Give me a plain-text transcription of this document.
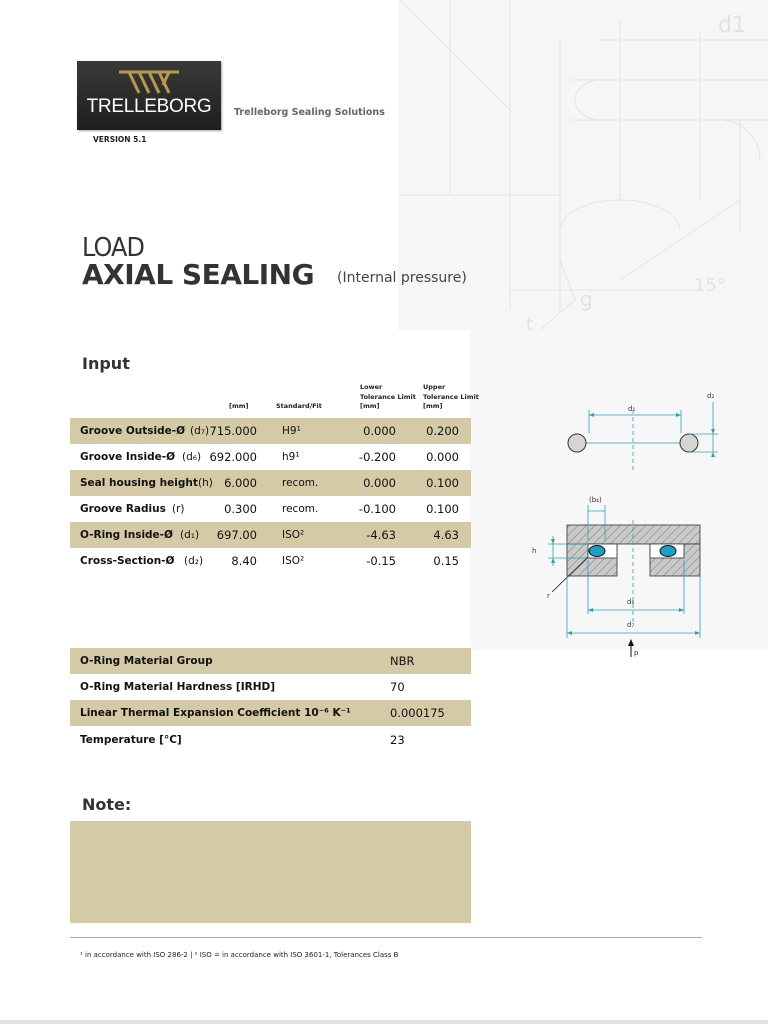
d1
15°
g
t
TRELLEBORG	Trelleborg Sealing Solutions
VERSION 5.1
LOAD
AXIAL SEALING (Internal pressure)
Input
[mm]	Standard/Fit
Lower
Tolerance Limit
[mm]
Upper
Tolerance Limit
[mm]
Groove Outside-Ø (d₇) 715.000 H9¹	0.000	0.200
Groove Inside-Ø (d₆) 692.000 h9¹	-0.200	0.000
Seal housing height (h) 6.000 recom.	0.000	0.100
Groove Radius (r)	0.300 recom.	-0.100	0.100
O-Ring Inside-Ø (d₁) 697.00 ISO²	-4.63	4.63
Cross-Section-Ø (d₂) 8.40 ISO²	-0.15	0.15
O-Ring Material Group	NBR
O-Ring Material Hardness [IRHD]	70
Linear Thermal Expansion Coefficient 10⁻⁶ K⁻¹	0.000175
Temperature [°C]	23
Note:
¹ in accordance with ISO 286-2 | ² ISO = in accordance with ISO 3601-1, Tolerances Class B
d₁
d₂
(b₄)
h
r
d₆
d₇
p
